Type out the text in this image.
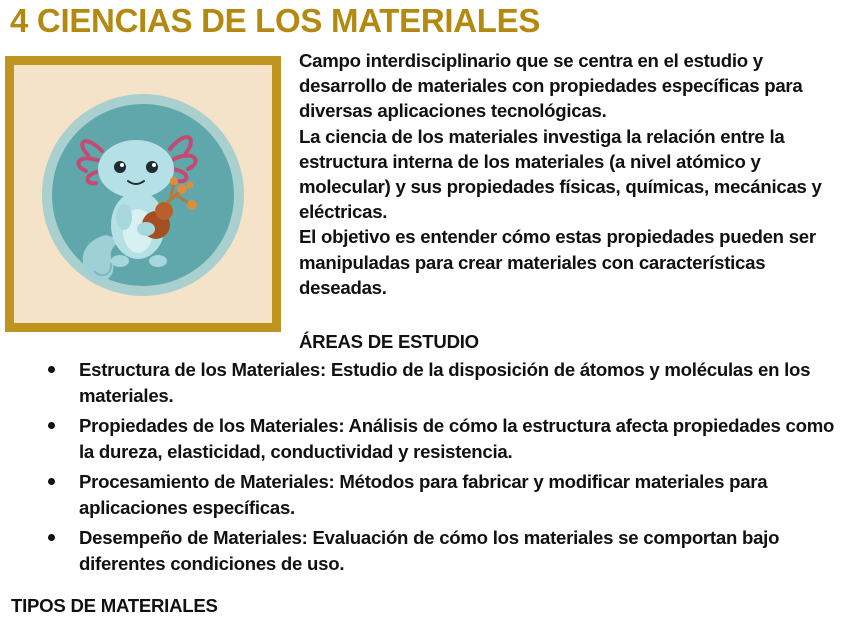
4 CIENCIAS DE LOS MATERIALES

Campo interdisciplinario que se centra en el estudio y desarrollo de materiales con propiedades específicas para diversas aplicaciones tecnológicas.

La ciencia de los materiales investiga la relación entre la estructura interna de los materiales (a nivel atómico y molecular) y sus propiedades físicas, químicas, mecánicas y eléctricas.

El objetivo es entender cómo estas propiedades pueden ser manipuladas para crear materiales con características deseadas.

ÁREAS DE ESTUDIO
Estructura de los Materiales: Estudio de la disposición de átomos y moléculas en los materiales.
Propiedades de los Materiales: Análisis de cómo la estructura afecta propiedades como la dureza, elasticidad, conductividad y resistencia.
Procesamiento de Materiales: Métodos para fabricar y modificar materiales para aplicaciones específicas.
Desempeño de Materiales: Evaluación de cómo los materiales se comportan bajo diferentes condiciones de uso.
TIPOS DE MATERIALES
